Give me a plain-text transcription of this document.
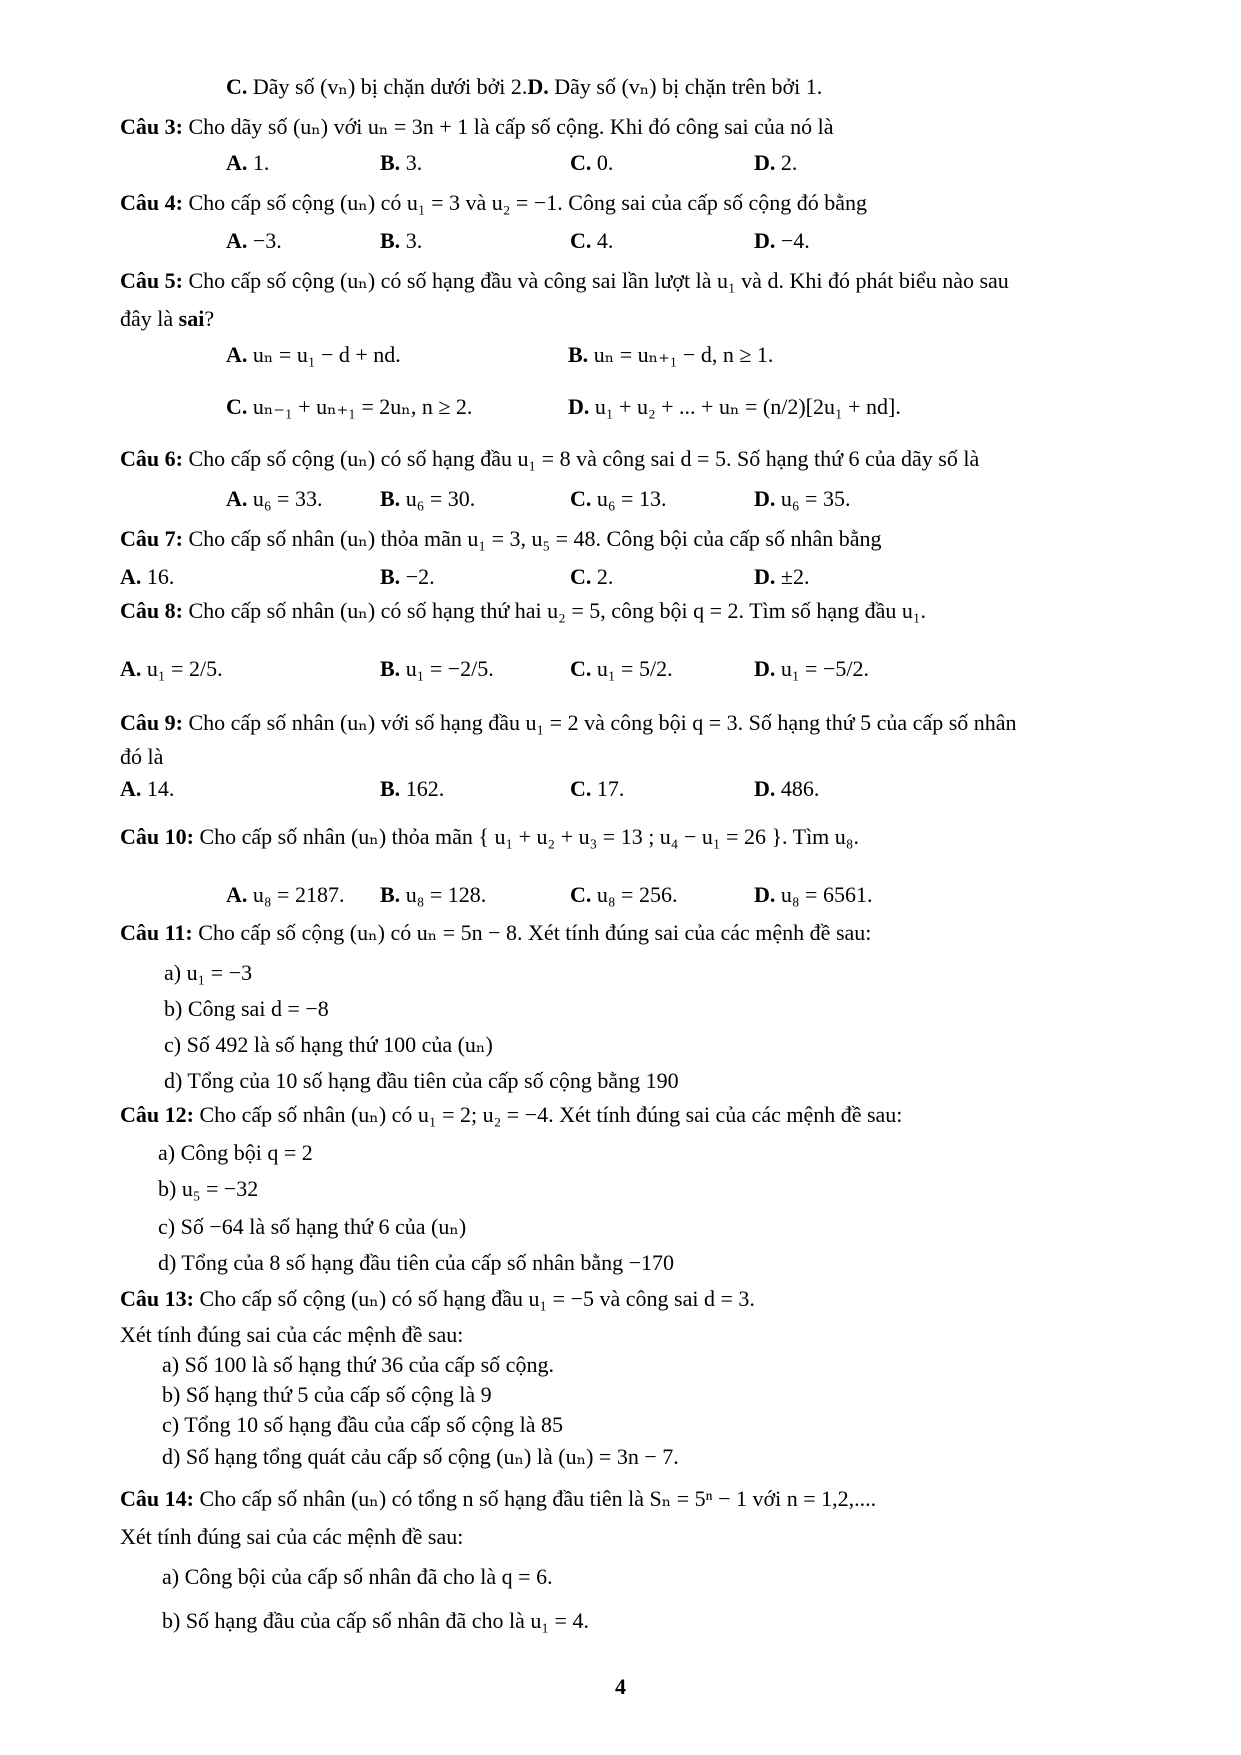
C. Dãy số (vₙ) bị chặn dưới bởi 2.D. Dãy số (vₙ) bị chặn trên bởi 1.
Câu 3: Cho dãy số (uₙ) với uₙ = 3n + 1 là cấp số cộng. Khi đó công sai của nó là
A. 1.	B. 3.	C. 0.	D. 2.
Câu 4: Cho cấp số cộng (uₙ) có u₁ = 3 và u₂ = −1. Công sai của cấp số cộng đó bằng
A. −3.	B. 3.	C. 4.	D. −4.
Câu 5: Cho cấp số cộng (uₙ) có số hạng đầu và công sai lần lượt là u₁ và d. Khi đó phát biểu nào sau
đây là sai?
A. uₙ = u₁ − d + nd.	B. uₙ = uₙ₊₁ − d, n ≥ 1.
C. uₙ₋₁ + uₙ₊₁ = 2uₙ, n ≥ 2.	D. u₁ + u₂ + ... + uₙ = (n/2)[2u₁ + nd].
Câu 6: Cho cấp số cộng (uₙ) có số hạng đầu u₁ = 8 và công sai d = 5. Số hạng thứ 6 của dãy số là
A. u₆ = 33.	B. u₆ = 30.	C. u₆ = 13.	D. u₆ = 35.
Câu 7: Cho cấp số nhân (uₙ) thỏa mãn u₁ = 3, u₅ = 48. Công bội của cấp số nhân bằng
A. 16.	B. −2.	C. 2.	D. ±2.
Câu 8: Cho cấp số nhân (uₙ) có số hạng thứ hai u₂ = 5, công bội q = 2. Tìm số hạng đầu u₁.
A. u₁ = 2/5.	B. u₁ = −2/5.	C. u₁ = 5/2.	D. u₁ = −5/2.
Câu 9: Cho cấp số nhân (uₙ) với số hạng đầu u₁ = 2 và công bội q = 3. Số hạng thứ 5 của cấp số nhân
đó là
A. 14.	B. 162.	C. 17.	D. 486.
Câu 10: Cho cấp số nhân (uₙ) thỏa mãn { u₁ + u₂ + u₃ = 13 ; u₄ − u₁ = 26 }. Tìm u₈.
A. u₈ = 2187. B. u₈ = 128.	C. u₈ = 256.	D. u₈ = 6561.
Câu 11: Cho cấp số cộng (uₙ) có uₙ = 5n − 8. Xét tính đúng sai của các mệnh đề sau:
a) u₁ = −3
b) Công sai d = −8
c) Số 492 là số hạng thứ 100 của (uₙ)
d) Tổng của 10 số hạng đầu tiên của cấp số cộng bằng 190
Câu 12: Cho cấp số nhân (uₙ) có u₁ = 2; u₂ = −4. Xét tính đúng sai của các mệnh đề sau:
a) Công bội q = 2
b) u₅ = −32
c) Số −64 là số hạng thứ 6 của (uₙ)
d) Tổng của 8 số hạng đầu tiên của cấp số nhân bằng −170
Câu 13: Cho cấp số cộng (uₙ) có số hạng đầu u₁ = −5 và công sai d = 3.
Xét tính đúng sai của các mệnh đề sau:
a) Số 100 là số hạng thứ 36 của cấp số cộng.
b) Số hạng thứ 5 của cấp số cộng là 9
c) Tổng 10 số hạng đầu của cấp số cộng là 85
d) Số hạng tổng quát cảu cấp số cộng (uₙ) là (uₙ) = 3n − 7.
Câu 14: Cho cấp số nhân (uₙ) có tổng n số hạng đầu tiên là Sₙ = 5ⁿ − 1 với n = 1,2,....
Xét tính đúng sai của các mệnh đề sau:
a) Công bội của cấp số nhân đã cho là q = 6.
b) Số hạng đầu của cấp số nhân đã cho là u₁ = 4.
4
